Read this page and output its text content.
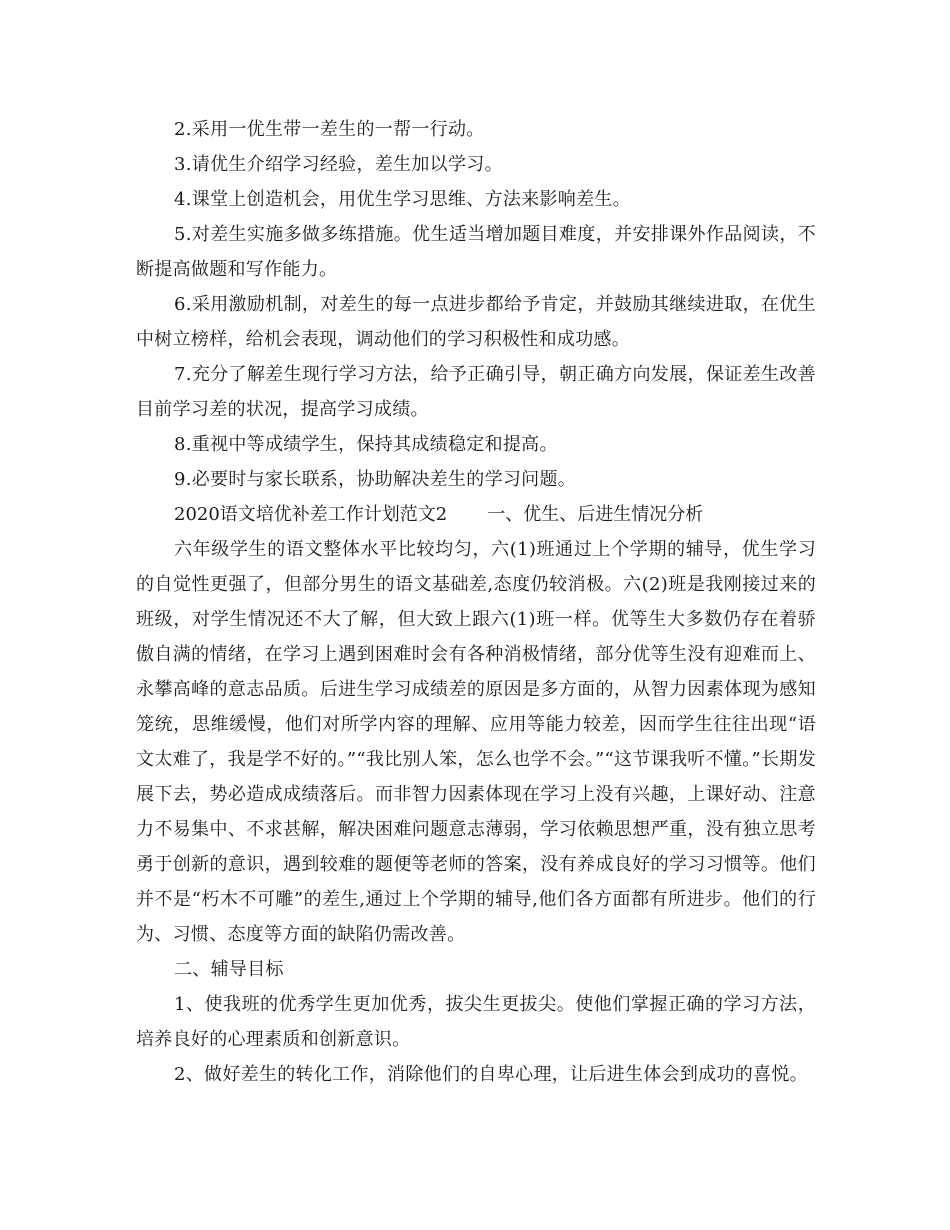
2.采用一优生带一差生的一帮一行动。

3.请优生介绍学习经验，差生加以学习。

4.课堂上创造机会，用优生学习思维、方法来影响差生。

5.对差生实施多做多练措施。优生适当增加题目难度，并安排课外作品阅读，不断提高做题和写作能力。

6.采用激励机制，对差生的每一点进步都给予肯定，并鼓励其继续进取，在优生中树立榜样，给机会表现，调动他们的学习积极性和成功感。

7.充分了解差生现行学习方法，给予正确引导，朝正确方向发展，保证差生改善目前学习差的状况，提高学习成绩。

8.重视中等成绩学生，保持其成绩稳定和提高。

9.必要时与家长联系，协助解决差生的学习问题。

2020语文培优补差工作计划范文2 一、优生、后进生情况分析

六年级学生的语文整体水平比较均匀，六(1)班通过上个学期的辅导，优生学习的自觉性更强了，但部分男生的语文基础差,态度仍较消极。六(2)班是我刚接过来的班级，对学生情况还不大了解，但大致上跟六(1)班一样。优等生大多数仍存在着骄傲自满的情绪，在学习上遇到困难时会有各种消极情绪，部分优等生没有迎难而上、永攀高峰的意志品质。后进生学习成绩差的原因是多方面的，从智力因素体现为感知笼统，思维缓慢，他们对所学内容的理解、应用等能力较差，因而学生往往出现“语文太难了，我是学不好的。”“我比别人笨，怎么也学不会。”“这节课我听不懂。”长期发展下去，势必造成成绩落后。而非智力因素体现在学习上没有兴趣，上课好动、注意力不易集中、不求甚解，解决困难问题意志薄弱，学习依赖思想严重，没有独立思考勇于创新的意识，遇到较难的题便等老师的答案，没有养成良好的学习习惯等。他们并不是“朽木不可雕”的差生,通过上个学期的辅导,他们各方面都有所进步。他们的行为、习惯、态度等方面的缺陷仍需改善。

二、辅导目标

1、使我班的优秀学生更加优秀，拔尖生更拔尖。使他们掌握正确的学习方法，培养良好的心理素质和创新意识。

2、做好差生的转化工作，消除他们的自卑心理，让后进生体会到成功的喜悦。
